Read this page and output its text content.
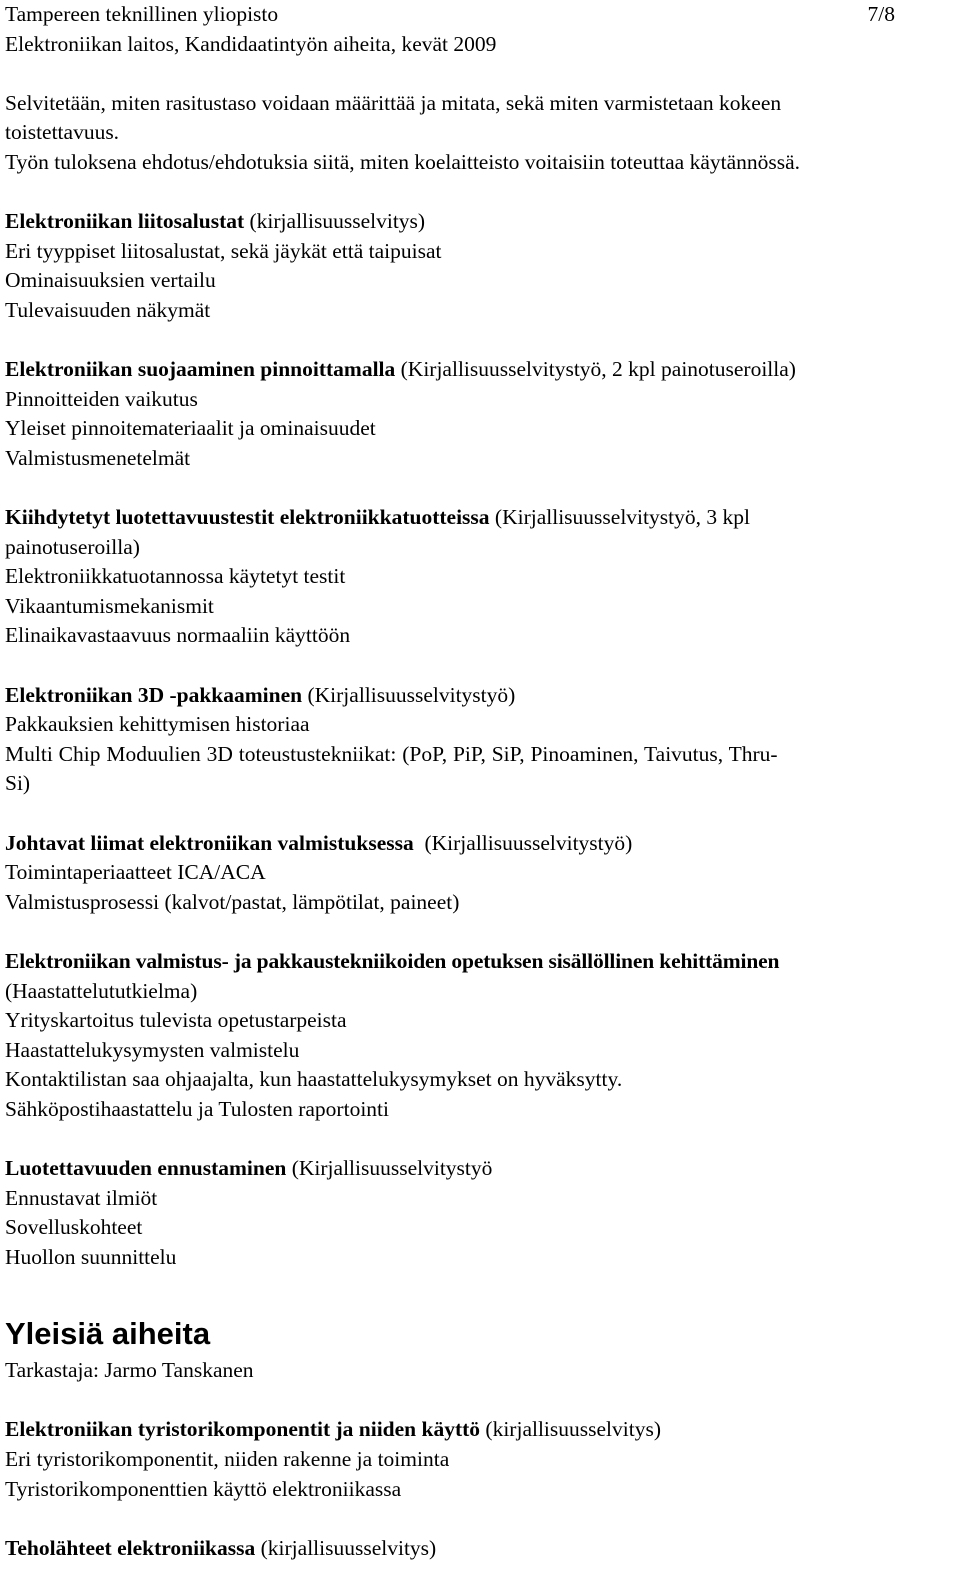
Tampereen teknillinen yliopisto	7/8
Elektroniikan laitos, Kandidaatintyön aiheita, kevät 2009
Selvitetään, miten rasitustaso voidaan määrittää ja mitata, sekä miten varmistetaan kokeen
toistettavuus.
Työn tuloksena ehdotus/ehdotuksia siitä, miten koelaitteisto voitaisiin toteuttaa käytännössä.
Elektroniikan liitosalustat (kirjallisuusselvitys)
Eri tyyppiset liitosalustat, sekä jäykät että taipuisat
Ominaisuuksien vertailu
Tulevaisuuden näkymät
Elektroniikan suojaaminen pinnoittamalla (Kirjallisuusselvitystyö, 2 kpl painotuseroilla)
Pinnoitteiden vaikutus
Yleiset pinnoitemateriaalit ja ominaisuudet
Valmistusmenetelmät
Kiihdytetyt luotettavuustestit elektroniikkatuotteissa (Kirjallisuusselvitystyö, 3 kpl
painotuseroilla)
Elektroniikkatuotannossa käytetyt testit
Vikaantumismekanismit
Elinaikavastaavuus normaaliin käyttöön
Elektroniikan 3D -pakkaaminen (Kirjallisuusselvitystyö)
Pakkauksien kehittymisen historiaa
Multi Chip Moduulien 3D toteustustekniikat: (PoP, PiP, SiP, Pinoaminen, Taivutus, Thru-
Si)
Johtavat liimat elektroniikan valmistuksessa  (Kirjallisuusselvitystyö)
Toimintaperiaatteet ICA/ACA
Valmistusprosessi (kalvot/pastat, lämpötilat, paineet)
Elektroniikan valmistus- ja pakkaustekniikoiden opetuksen sisällöllinen kehittäminen
(Haastattelututkielma)
Yrityskartoitus tulevista opetustarpeista
Haastattelukysymysten valmistelu
Kontaktilistan saa ohjaajalta, kun haastattelukysymykset on hyväksytty.
Sähköpostihaastattelu ja Tulosten raportointi
Luotettavuuden ennustaminen (Kirjallisuusselvitystyö
Ennustavat ilmiöt
Sovelluskohteet
Huollon suunnittelu
Yleisiä aiheita
Tarkastaja: Jarmo Tanskanen
Elektroniikan tyristorikomponentit ja niiden käyttö (kirjallisuusselvitys)
Eri tyristorikomponentit, niiden rakenne ja toiminta
Tyristorikomponenttien käyttö elektroniikassa
Teholähteet elektroniikassa (kirjallisuusselvitys)
